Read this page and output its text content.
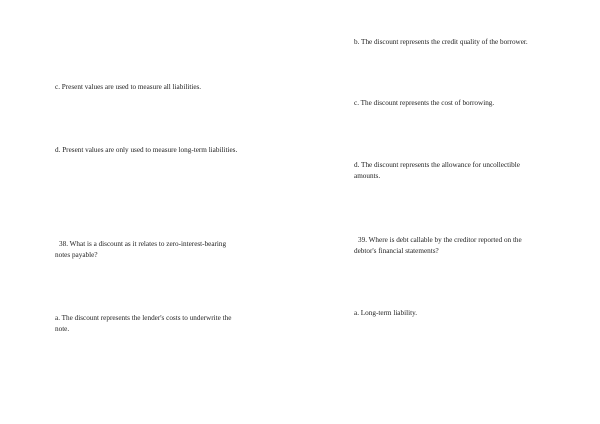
c. Present values are used to measure all liabilities.
d. Present values are only used to measure long-term liabilities.
38. What is a discount as it relates to zero-interest-bearing
notes payable?
a. The discount represents the lender's costs to underwrite the
note.
b. The discount represents the credit quality of the borrower.
c. The discount represents the cost of borrowing.
d. The discount represents the allowance for uncollectible
amounts.
39. Where is debt callable by the creditor reported on the
debtor's financial statements?
a. Long-term liability.
